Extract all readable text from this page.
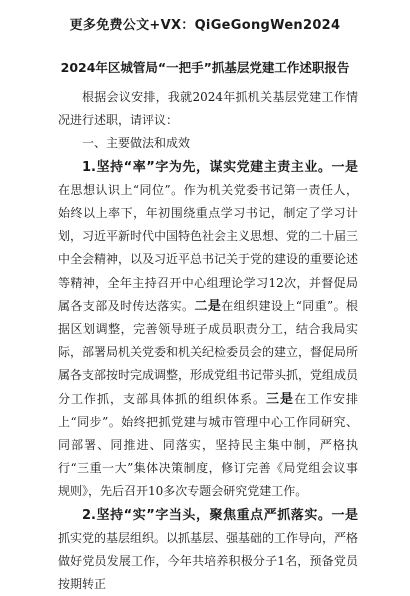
更多免费公文+VX：QiGeGongWen2024
2024年区城管局“一把手”抓基层党建工作述职报告

根据会议安排，我就2024年抓机关基层党建工作情况进行述职，请评议：

一、主要做法和成效

1.坚持“率”字为先，谋实党建主责主业。一是在思想认识上“同位”。作为机关党委书记第一责任人，始终以上率下，年初围绕重点学习书记，制定了学习计划，习近平新时代中国特色社会主义思想、党的二十届三中全会精神，以及习近平总书记关于党的建设的重要论述等精神，全年主持召开中心组理论学习12次，并督促局属各支部及时传达落实。二是在组织建设上“同重”。根据区划调整，完善领导班子成员职责分工，结合我局实际，部署局机关党委和机关纪检委员会的建立，督促局所属各支部按时完成调整，形成党组书记带头抓，党组成员分工作抓，支部具体抓的组织体系。三是在工作安排上“同步”。始终把抓党建与城市管理中心工作同研究、同部署、同推进、同落实，坚持民主集中制，严格执行“三重一大”集体决策制度，修订完善《局党组会议事规则》，先后召开10多次专题会研究党建工作。

2.坚持“实”字当头，聚焦重点严抓落实。一是抓实党的基层组织。以抓基层、强基础的工作导向，严格做好党员发展工作，今年共培养积极分子1名，预备党员按期转正
